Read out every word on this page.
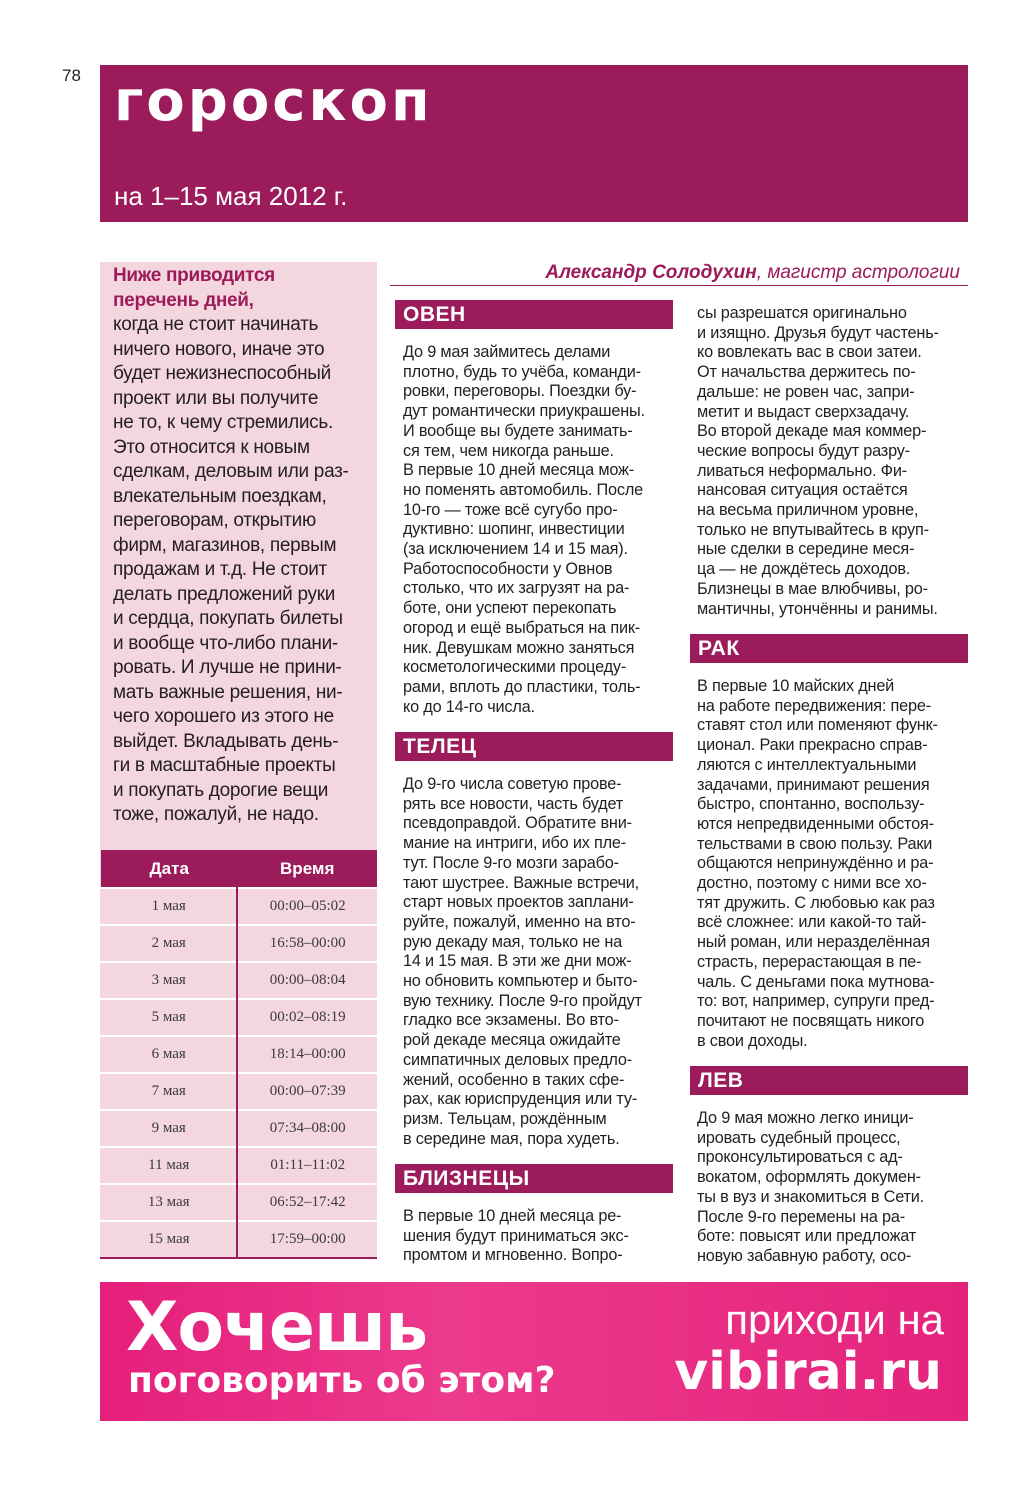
78 гороскоп
на 1–15 мая 2012 г.
Ниже приводится
перечень дней,
когда не стоит начинать
ничего нового, иначе это
будет нежизнеспособный
проект или вы получите
не то, к чему стремились.
Это относится к новым
сделкам, деловым или раз-
влекательным поездкам,
переговорам, открытию
фирм, магазинов, первым
продажам и т.д. Не стоит
делать предложений руки
и сердца, покупать билеты
и вообще что-либо плани-
ровать. И лучше не прини-
мать важные решения, ни-
чего хорошего из этого не
выйдет. Вкладывать день-
ги в масштабные проекты
и покупать дорогие вещи
тоже, пожалуй, не надо.
Дата	Время
1 мая	00:00–05:02
2 мая	16:58–00:00
3 мая	00:00–08:04
5 мая	00:02–08:19
6 мая	18:14–00:00
7 мая	00:00–07:39
9 мая	07:34–08:00
11 мая	01:11–11:02
13 мая	06:52–17:42
15 мая	17:59–00:00
Александр Солодухин, магистр астрологии
ОВЕН
До 9 мая займитесь делами
плотно, будь то учёба, команди-
ровки, переговоры. Поездки бу-
дут романтически приукрашены.
И вообще вы будете занимать-
ся тем, чем никогда раньше.
В первые 10 дней месяца мож-
но поменять автомобиль. После
10-го — тоже всё сугубо про-
дуктивно: шопинг, инвестиции
(за исключением 14 и 15 мая).
Работоспособности у Овнов
столько, что их загрузят на ра-
боте, они успеют перекопать
огород и ещё выбраться на пик-
ник. Девушкам можно заняться
косметологическими процеду-
рами, вплоть до пластики, толь-
ко до 14-го числа.
ТЕЛЕЦ
До 9-го числа советую прове-
рять все новости, часть будет
псевдоправдой. Обратите вни-
мание на интриги, ибо их пле-
тут. После 9-го мозги зарабо-
тают шустрее. Важные встречи,
старт новых проектов заплани-
руйте, пожалуй, именно на вто-
рую декаду мая, только не на
14 и 15 мая. В эти же дни мож-
но обновить компьютер и быто-
вую технику. После 9-го пройдут
гладко все экзамены. Во вто-
рой декаде месяца ожидайте
симпатичных деловых предло-
жений, особенно в таких сфе-
рах, как юриспруденция или ту-
ризм. Тельцам, рождённым
в середине мая, пора худеть.
БЛИЗНЕЦЫ
В первые 10 дней месяца ре-
шения будут приниматься экс-
промтом и мгновенно. Вопро-
сы разрешатся оригинально
и изящно. Друзья будут частень-
ко вовлекать вас в свои затеи.
От начальства держитесь по-
дальше: не ровен час, запри-
метит и выдаст сверхзадачу.
Во второй декаде мая коммер-
ческие вопросы будут разру-
ливаться неформально. Фи-
нансовая ситуация остаётся
на весьма приличном уровне,
только не впутывайтесь в круп-
ные сделки в середине меся-
ца — не дождётесь доходов.
Близнецы в мае влюбчивы, ро-
мантичны, утончённы и ранимы.
РАК
В первые 10 майских дней
на работе передвижения: пере-
ставят стол или поменяют функ-
ционал. Раки прекрасно справ-
ляются с интеллектуальными
задачами, принимают решения
быстро, спонтанно, воспользу-
ются непредвиденными обстоя-
тельствами в свою пользу. Раки
общаются непринуждённо и ра-
достно, поэтому с ними все хо-
тят дружить. С любовью как раз
всё сложнее: или какой-то тай-
ный роман, или неразделённая
страсть, перерастающая в пе-
чаль. С деньгами пока мутнова-
то: вот, например, супруги пред-
почитают не посвящать никого
в свои доходы.
ЛЕВ
До 9 мая можно легко иници-
ировать судебный процесс,
проконсультироваться с ад-
вокатом, оформлять докумен-
ты в вуз и знакомиться в Сети.
После 9-го перемены на ра-
боте: повысят или предложат
новую забавную работу, осо-
Хочешь
поговорить об этом?
приходи на
vibirai.ru
